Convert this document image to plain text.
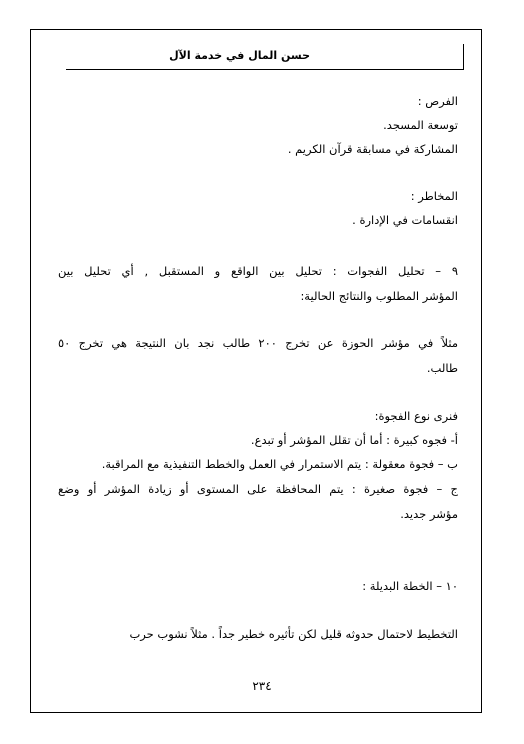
حسن المال في خدمة الآل
الفرص :
توسعة المسجد.
المشاركة في مسابقة قرآن الكريم .
المخاطر :
انقسامات في الإدارة .
٩ – تحليل الفجوات : تحليل بين الواقع و المستقبل , أي تحليل بين
المؤشر المطلوب والنتائج الحالية:
مثلاً في مؤشر الحوزة عن تخرج ٢٠٠ طالب نجد بان النتيجة هي تخرج ٥٠
طالب.
فنرى نوع الفجوة:
أ- فجوه كبيرة : أما أن تقلل المؤشر أو تبدع.
ب – فجوة معقولة : يتم الاستمرار في العمل والخطط التنفيذية مع المراقبة.
ج – فجوة صغيرة : يتم المحافظة على المستوى أو زيادة المؤشر أو وضع
مؤشر جديد.
١٠ – الخطة البديلة :
التخطيط لاحتمال حدوثه قليل لكن تأثيره خطير جداً . مثلاً نشوب حرب
٢٣٤
